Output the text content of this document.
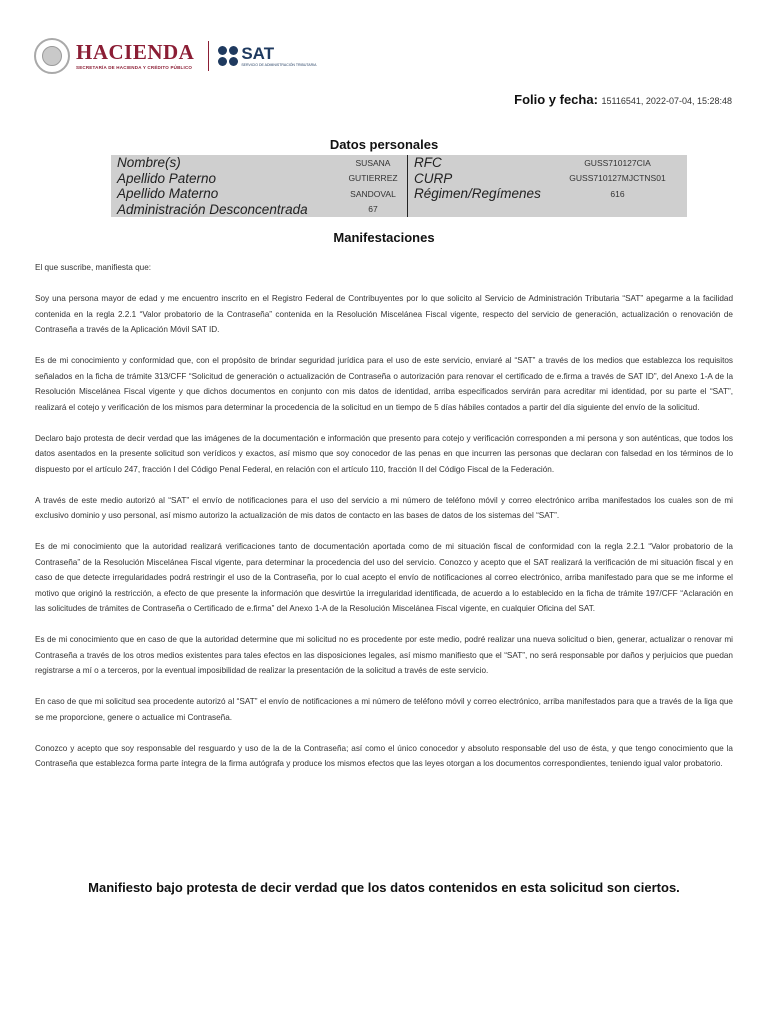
HACIENDA
SECRETARÍA DE HACIENDA Y CRÉDITO PÚBLICO
SAT
SERVICIO DE ADMINISTRACIÓN TRIBUTARIA
Folio y fecha: 15116541, 2022-07-04, 15:28:48
Datos personales
Nombre(s)	SUSANA	RFC	GUSS710127CIA
Apellido Paterno	GUTIERREZ	CURP	GUSS710127MJCTNS01
Apellido Materno	SANDOVAL	Régimen/Regímenes	616
Administración Desconcentrada	67		
Manifestaciones

El que suscribe, manifiesta que:

Soy una persona mayor de edad y me encuentro inscrito en el Registro Federal de Contribuyentes por lo que solicito al Servicio de Administración Tributaria “SAT” apegarme a la facilidad contenida en la regla 2.2.1 “Valor probatorio de la Contraseña” contenida en la Resolución Miscelánea Fiscal vigente, respecto del servicio de generación, actualización o renovación de Contraseña a través de la Aplicación Móvil SAT ID.

Es de mi conocimiento y conformidad que, con el propósito de brindar seguridad jurídica para el uso de este servicio, enviaré al “SAT” a través de los medios que establezca los requisitos señalados en la ficha de trámite 313/CFF “Solicitud de generación o actualización de Contraseña o autorización para renovar el certificado de e.firma a través de SAT ID”, del Anexo 1-A de la Resolución Miscelánea Fiscal vigente y que dichos documentos en conjunto con mis datos de identidad, arriba especificados servirán para acreditar mi identidad, por su parte el “SAT”, realizará el cotejo y verificación de los mismos para determinar la procedencia de la solicitud en un tiempo de 5 días hábiles contados a partir del día siguiente del envío de la solicitud.

Declaro bajo protesta de decir verdad que las imágenes de la documentación e información que presento para cotejo y verificación corresponden a mi persona y son auténticas, que todos los datos asentados en la presente solicitud son verídicos y exactos, así mismo que soy conocedor de las penas en que incurren las personas que declaran con falsedad en los términos de lo dispuesto por el artículo 247, fracción I del Código Penal Federal, en relación con el artículo 110, fracción II del Código Fiscal de la Federación.

A través de este medio autorizó al “SAT” el envío de notificaciones para el uso del servicio a mi número de teléfono móvil y correo electrónico arriba manifestados los cuales son de mi exclusivo dominio y uso personal, así mismo autorizo la actualización de mis datos de contacto en las bases de datos de los sistemas del “SAT”.

Es de mi conocimiento que la autoridad realizará verificaciones tanto de documentación aportada como de mi situación fiscal de conformidad con la regla 2.2.1 “Valor probatorio de la Contraseña” de la Resolución Miscelánea Fiscal vigente, para determinar la procedencia del uso del servicio. Conozco y acepto que el SAT realizará la verificación de mi situación fiscal y en caso de que detecte irregularidades podrá restringir el uso de la Contraseña, por lo cual acepto el envío de notificaciones al correo electrónico, arriba manifestado para que se me informe el motivo que originó la restricción, a efecto de que presente la información que desvirtúe la irregularidad identificada, de acuerdo a lo establecido en la ficha de trámite 197/CFF “Aclaración en las solicitudes de trámites de Contraseña o Certificado de e.firma” del Anexo 1-A de la Resolución Miscelánea Fiscal vigente, en cualquier Oficina del SAT.

Es de mi conocimiento que en caso de que la autoridad determine que mi solicitud no es procedente por este medio, podré realizar una nueva solicitud o bien, generar, actualizar o renovar mi Contraseña a través de los otros medios existentes para tales efectos en las disposiciones legales, así mismo manifiesto que el “SAT”, no será responsable por daños y perjuicios que puedan registrarse a mí o a terceros, por la eventual imposibilidad de realizar la presentación de la solicitud a través de este servicio.

En caso de que mi solicitud sea procedente autorizó al “SAT” el envío de notificaciones a mi número de teléfono móvil y correo electrónico, arriba manifestados para que a través de la liga que se me proporcione, genere o actualice mi Contraseña.

Conozco y acepto que soy responsable del resguardo y uso de la de la Contraseña; así como el único conocedor y absoluto responsable del uso de ésta, y que tengo conocimiento que la Contraseña que establezca forma parte íntegra de la firma autógrafa y produce los mismos efectos que las leyes otorgan a los documentos correspondientes, teniendo igual valor probatorio.

Manifiesto bajo protesta de decir verdad que los datos contenidos en esta solicitud son ciertos.
